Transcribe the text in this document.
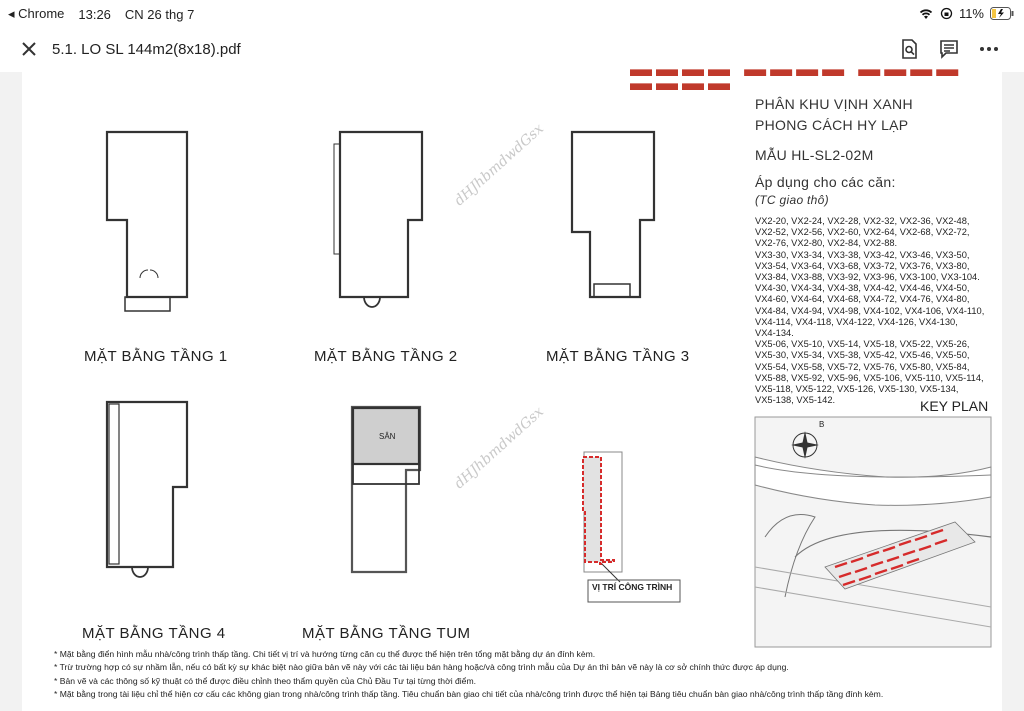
◂ Chrome 13:26 CN 26 thg 7	11%
5.1. LO SL 144m2(8x18).pdf
▬▬▬▬ ▬▬▬▬ ▬▬▬▬ ▬▬▬▬
SÂN
VỊ TRÍ CÔNG TRÌNH
MẶT BẰNG TẦNG 1	MẶT BẰNG TẦNG 2	MẶT BẰNG TẦNG 3
MẶT BẰNG TẦNG 4	MẶT BẰNG TẦNG TUM
dHJhbmdwdGsx
dHJhbmdwdGsx
PHÂN KHU VỊNH XANH
PHONG CÁCH HY LẠP
MẪU HL-SL2-02M
Áp dụng cho các căn:
(TC giao thô)
VX2-20, VX2-24, VX2-28, VX2-32, VX2-36, VX2-48,
VX2-52, VX2-56, VX2-60, VX2-64, VX2-68, VX2-72,
VX2-76, VX2-80, VX2-84, VX2-88.
VX3-30, VX3-34, VX3-38, VX3-42, VX3-46, VX3-50,
VX3-54, VX3-64, VX3-68, VX3-72, VX3-76, VX3-80,
VX3-84, VX3-88, VX3-92, VX3-96, VX3-100, VX3-104.
VX4-30, VX4-34, VX4-38, VX4-42, VX4-46, VX4-50,
VX4-60, VX4-64, VX4-68, VX4-72, VX4-76, VX4-80,
VX4-84, VX4-94, VX4-98, VX4-102, VX4-106, VX4-110,
VX4-114, VX4-118, VX4-122, VX4-126, VX4-130,
VX4-134.
VX5-06, VX5-10, VX5-14, VX5-18, VX5-22, VX5-26,
VX5-30, VX5-34, VX5-38, VX5-42, VX5-46, VX5-50,
VX5-54, VX5-58, VX5-72, VX5-76, VX5-80, VX5-84,
VX5-88, VX5-92, VX5-96, VX5-106, VX5-110, VX5-114,
VX5-118, VX5-122, VX5-126, VX5-130, VX5-134,
VX5-138, VX5-142.	KEY PLAN
B
* Mặt bằng điển hình mẫu nhà/công trình thấp tầng. Chi tiết vị trí và hướng từng căn cụ thể được thể hiện trên tổng mặt bằng dự án đính kèm.
* Trừ trường hợp có sự nhầm lẫn, nếu có bất kỳ sự khác biệt nào giữa bản vẽ này với các tài liệu bán hàng hoặc/và công trình mẫu của Dự án thì bản vẽ này là cơ sở chính thức được áp dụng.
* Bản vẽ và các thông số kỹ thuật có thể được điều chỉnh theo thẩm quyền của Chủ Đầu Tư tại từng thời điểm.
* Mặt bằng trong tài liệu chỉ thể hiện cơ cấu các không gian trong nhà/công trình thấp tầng. Tiêu chuẩn bàn giao chi tiết của nhà/công trình được thể hiện tại Bảng tiêu chuẩn bàn giao nhà/công trình thấp tầng đính kèm.
